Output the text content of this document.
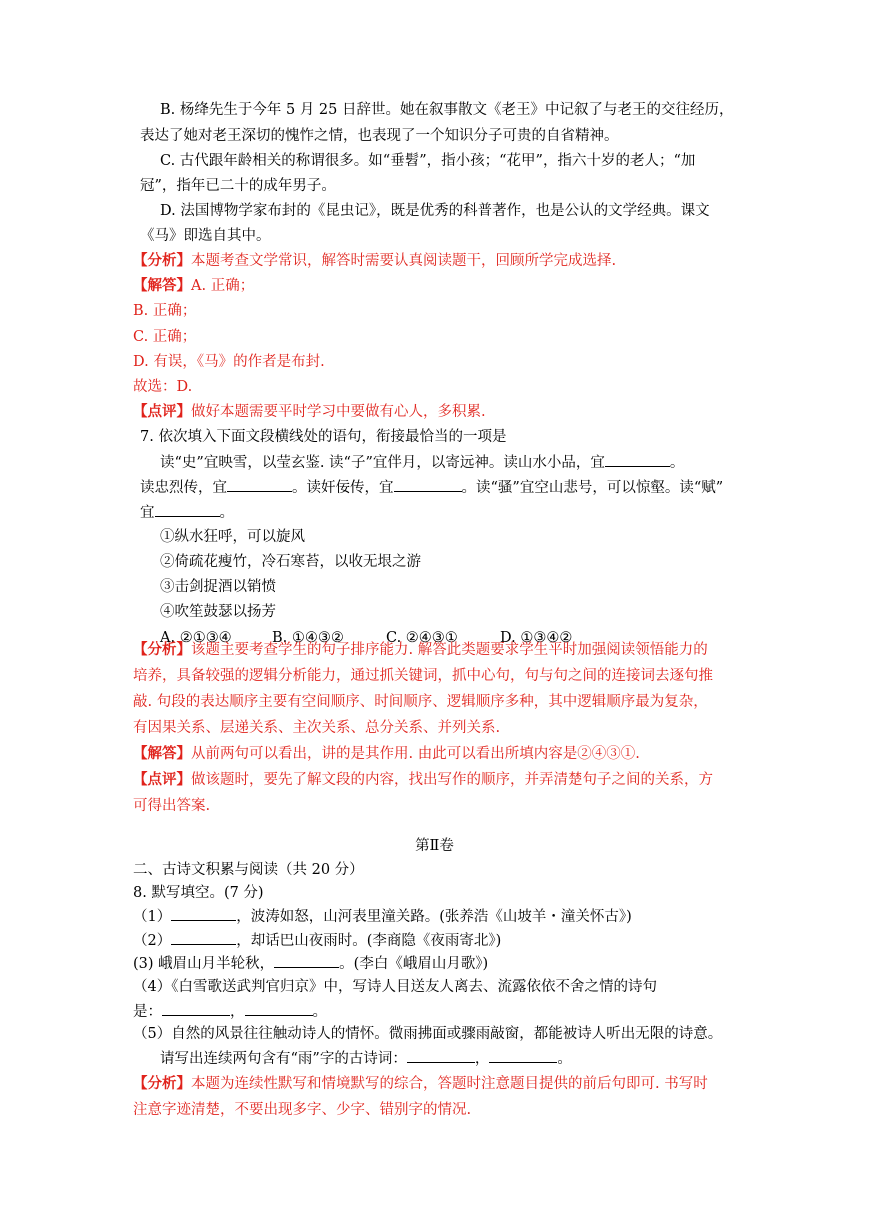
B. 杨绛先生于今年 5 月 25 日辞世。她在叙事散文《老王》中记叙了与老王的交往经历，
表达了她对老王深切的愧怍之情，也表现了一个知识分子可贵的自省精神。
C. 古代跟年龄相关的称谓很多。如“垂髫”，指小孩；“花甲”，指六十岁的老人；“加
冠”，指年已二十的成年男子。
D. 法国博物学家布封的《昆虫记》，既是优秀的科普著作，也是公认的文学经典。课文
《马》即选自其中。
【分析】本题考查文学常识，解答时需要认真阅读题干，回顾所学完成选择.
【解答】A. 正确；
B. 正确；
C. 正确；
D. 有误，《马》的作者是布封.
故选：D.
【点评】做好本题需要平时学习中要做有心人，多积累.
7. 依次填入下面文段横线处的语句，衔接最恰当的一项是
读“史”宜映雪，以莹玄鉴. 读“子”宜伴月，以寄远神。读山水小品，宜	。
读忠烈传，宜	。读奸佞传，宜	。读“骚”宜空山悲号，可以惊壑。读“赋”
宜	。
①纵水狂呼，可以旋风
②倚疏花瘦竹，冷石寒苔，以收无垠之游
③击剑捉酒以销愤
④吹笙鼓瑟以扬芳
A. ②①③④	B. ①④③②	C. ②④③①	D. ①③④②
【分析】该题主要考查学生的句子排序能力. 解答此类题要求学生平时加强阅读领悟能力的
培养，具备较强的逻辑分析能力，通过抓关键词，抓中心句，句与句之间的连接词去逐句推
敲. 句段的表达顺序主要有空间顺序、时间顺序、逻辑顺序多种，其中逻辑顺序最为复杂，
有因果关系、层递关系、主次关系、总分关系、并列关系.
【解答】从前两句可以看出，讲的是其作用. 由此可以看出所填内容是②④③①.
【点评】做该题时，要先了解文段的内容，找出写作的顺序，并弄清楚句子之间的关系，方
可得出答案.
第Ⅱ卷
二、古诗文积累与阅读（共 20 分）
8. 默写填空。(7 分)
（1）	，波涛如怒，山河表里潼关路。(张养浩《山坡羊・潼关怀古》)
（2）	，却话巴山夜雨时。(李商隐《夜雨寄北》)
(3) 峨眉山月半轮秋，	。(李白《峨眉山月歌》)
（4）《白雪歌送武判官归京》中，写诗人目送友人离去、流露依依不舍之情的诗句
是：	，	。
（5）自然的风景往往触动诗人的情怀。微雨拂面或骤雨敲窗，都能被诗人听出无限的诗意。
请写出连续两句含有“雨”字的古诗词：	，	。
【分析】本题为连续性默写和情境默写的综合，答题时注意题目提供的前后句即可. 书写时
注意字迹清楚，不要出现多字、少字、错别字的情况.
